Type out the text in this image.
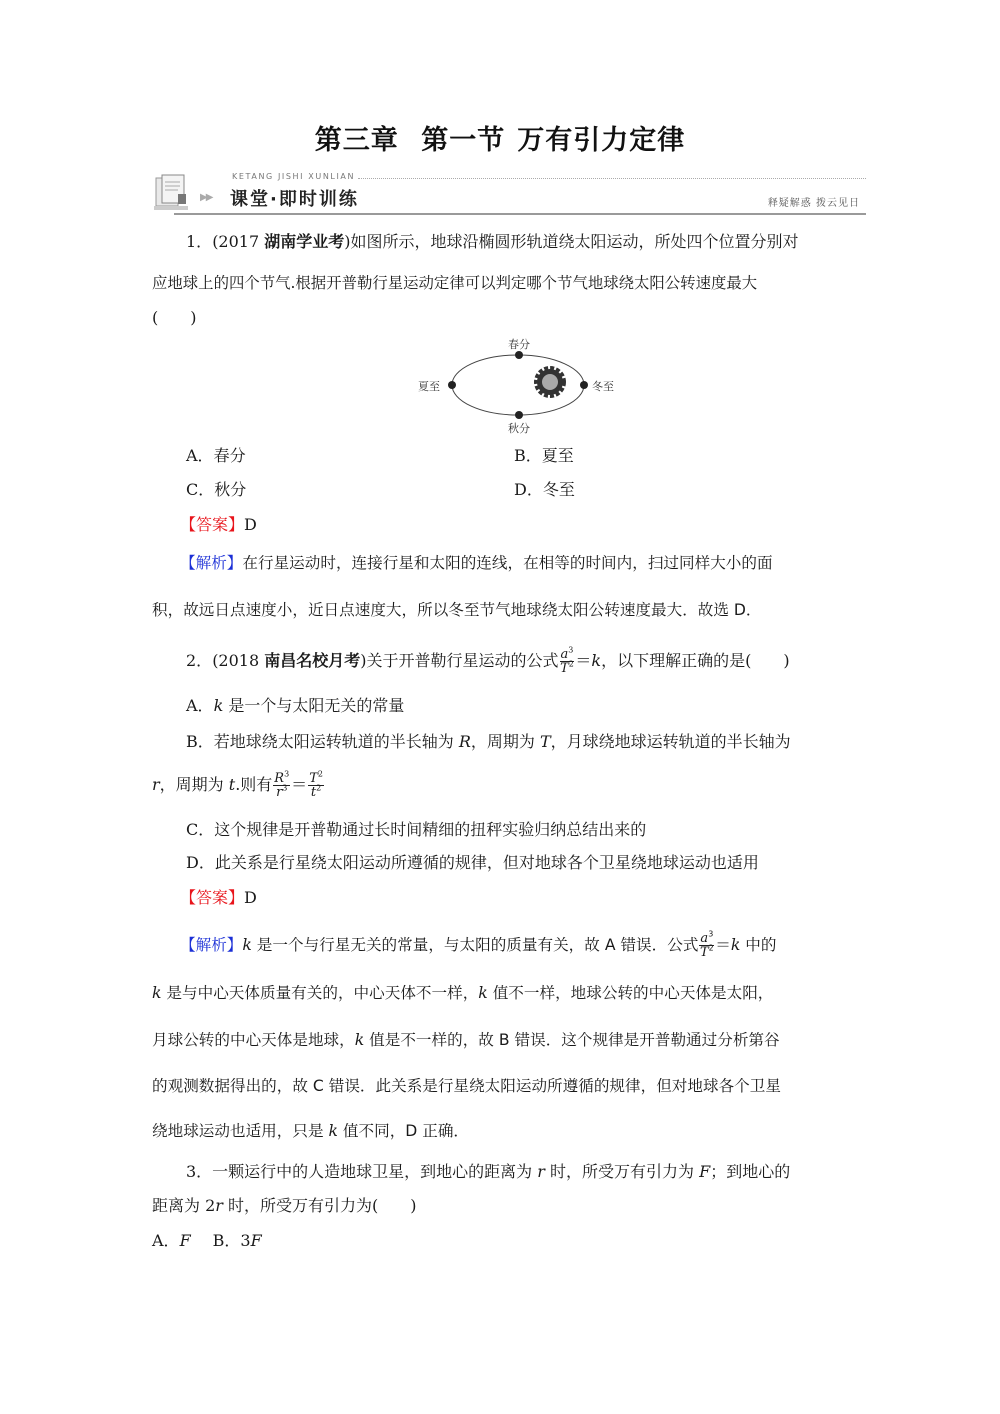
第三章 第一节 万有引力定律
KETANG JISHI XUNLIAN
▶▶ 课堂·即时训练	释疑解惑 拨云见日
1．(2017 湖南学业考)如图所示，地球沿椭圆形轨道绕太阳运动，所处四个位置分别对
应地球上的四个节气.根据开普勒行星运动定律可以判定哪个节气地球绕太阳公转速度最大
(　　)
春分
夏至	冬至
秋分
A．春分	B．夏至
C．秋分	D．冬至
【答案】D
【解析】在行星运动时，连接行星和太阳的连线，在相等的时间内，扫过同样大小的面
积，故远日点速度小，近日点速度大，所以冬至节气地球绕太阳公转速度最大．故选 D．
2．(2018 南昌名校月考)关于开普勒行星运动的公式 $\frac{a^3}{T^2} =k$，以下理解正确的是(　　)
A．k 是一个与太阳无关的常量
B．若地球绕太阳运转轨道的半长轴为 R，周期为 T，月球绕地球运转轨道的半长轴为
r，周期为 t.则有 $\frac{R^3}{r^3} = \frac{T^2}{t^2}$
C．这个规律是开普勒通过长时间精细的扭秤实验归纳总结出来的
D．此关系是行星绕太阳运动所遵循的规律，但对地球各个卫星绕地球运动也适用
【答案】D
【解析】k 是一个与行星无关的常量，与太阳的质量有关，故 A 错误．公式 $\frac{a^3}{T^2} =k$ 中的
k 是与中心天体质量有关的，中心天体不一样，k 值不一样，地球公转的中心天体是太阳，
月球公转的中心天体是地球，k 值是不一样的，故 B 错误．这个规律是开普勒通过分析第谷
的观测数据得出的，故 C 错误．此关系是行星绕太阳运动所遵循的规律，但对地球各个卫星
绕地球运动也适用，只是 k 值不同，D 正确．
3．一颗运行中的人造地球卫星，到地心的距离为 r 时，所受万有引力为 F；到地心的
距离为 2r 时，所受万有引力为(　　)
A．F B．3F
